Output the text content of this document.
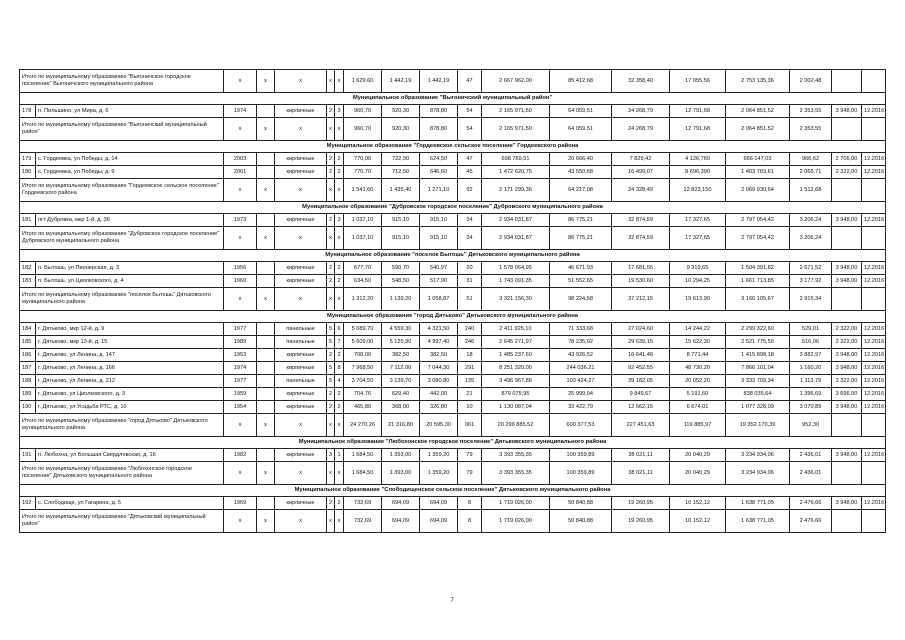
Итого по муниципальному образованию "Выгоничское городское поселение" Выгоничского муниципального района		x	x	x	x	x	1 629,60	1 442,19	1 442,19	47	2 667 962,00	85 412,68	32 358,40	17 055,56	2 753 135,36	2 002,48		
Муниципальное образование "Выгоничский муниципальный район"																		
178	п. Пильшино, ул Мира, д. 6	1974		кирпичные	2	3	960,70	920,30	878,80	54	2 165 971,50	64 059,51	24 268,79	12 791,68	2 064 851,52	2 353,55	3 948,00	12.2016
Итого по муниципальному образованию "Выгоничский муниципальный район"		x	x	x	x	x	960,70	920,30	878,80	54	2 165 971,50	64 059,51	24 268,79	12 791,68	2 064 851,52	2 353,55		
Муниципальное образование "Гордеевское сельское поселение" Гордеевского района																		
179	с. Гордеевка, ул Победы, д. 14	2003		кирпичные	2	2	770,90	722,90	624,50	47	698 769,51	20 666,40	7 829,42	4 126,760	666 147,03	966,62	2 706,00	12.2016
180	с. Гордеевка, ул Победы, д. 9	2001		кирпичные	2	2	770,70	712,50	646,60	45	1 472 620,75	43 550,68	16 499,07	8 696,390	1 403 783,61	2 066,71	2 322,00	12.2016
Итого по муниципальному образованию "Гордеевское сельское поселение" Гордеевского района		x	x	x	x	x	1 541,60	1 435,40	1 271,10	92	2 171 299,36	64 217,08	24 328,49	12 823,150	2 069 930,64	1 512,68		
Муниципальное образование "Дубровское городское поселение" Дубровского муниципального района																		
181	пгт Дубровка, мкр 1-й, д. 36	1973		кирпичные	2	3	1 037,10	915,10	915,10	34	2 934 031,87	86 775,21	32 874,59	17 327,65	2 797 054,42	3 206,24	3 948,00	12.2016
Итого по муниципальному образованию "Дубровское городское поселение" Дубровского муниципального района		x	x	x	x	x	1 037,10	915,10	915,10	34	2 934 031,87	86 775,21	32 874,59	17 327,65	2 797 054,42	3 206,24		
Муниципальное образование "поселок Бытошь" Дятьковского муниципального района																		
182	п. Бытошь, ул Пионерская, д. 3	1956		кирпичные	2	2	677,70	590,70	540,97	20	1 578 064,95	46 671,93	17 681,55	9 319,65	1 504 391,82	2 671,52	3 948,00	12.2016
183	п. Бытошь, ул Циолковского, д. 4	1960		кирпичные	2	2	634,50	548,50	517,90	31	1 743 091,35	51 552,65	19 530,60	10 294,25	1 661 713,85	3 177,92	3 948,00	12.2016
Итого по муниципальному образованию "поселок Бытошь" Дятьковского муниципального района		x	x	x	x	x	1 312,20	1 139,20	1 058,87	51	3 321 156,30	98 224,58	37 212,15	19 613,90	3 166 105,67	2 915,34		
Муниципальное образование "город Дятьково" Дятьковского муниципального района																		
184	г. Дятьково, мкр 12-й, д. 9	1977		панельные	5	6	5 089,70	4 559,30	4 321,50	240	2 411 925,10	71 333,68	27 024,60	14 244,22	2 299 322,60	529,01	2 322,00	12.2016
185	г. Дятьково, мкр 13-й, д. 15	1989		панельные	5	7	5 609,00	5 125,90	4 997,40	246	2 645 271,97	78 235,02	29 639,15	15 622,30	2 521 775,50	516,06	2 322,00	12.2016
186	г. Дятьково, ул Ленина, д. 147	1953		кирпичные	2	2	708,00	382,50	382,50	18	1 485 237,60	43 926,52	16 641,46	8 771,44	1 415 898,18	3 882,97	3 948,00	12.2016
187	г. Дятьково, ул Ленина, д. 166	1974		кирпичные	5	8	7 968,50	7 112,00	7 044,30	291	8 251 320,00	244 036,21	92 452,55	48 730,20	7 866 101,04	1 160,20	3 948,00	12.2016
188	г. Дятьково, ул Ленина, д. 212	1977		панельные	5	4	3 704,50	3 139,70	3 080,80	135	3 496 967,86	103 424,27	39 182,05	20 652,20	3 333 709,34	1 113,79	2 322,00	12.2016
189	г. Дятьково, ул Циолковского, д. 3	1959		кирпичные	2	2	704,76	629,40	442,00	21	879 075,95	25 999,04	9 849,67	5 191,60	838 035,64	1 396,69	3 696,00	12.2016
190	г. Дятьково, ул Усадьба РТС, д. 10	1954		кирпичные	2	2	465,80	368,00	326,80	10	1 130 087,04	33 422,79	12 662,15	6 674,01	1 077 328,09	3 070,89	3 948,00	12.2016
Итого по муниципальному образованию "город Дятьково" Дятьковского муниципального района		x	x	x	x	x	24 270,26	21 316,80	20 595,30	961	20 299 885,52	600 377,53	227 451,63	119 885,97	19 352 170,39	952,30		
Муниципальное образование "Любохонское городское поселение" Дятьковского муниципального района																		
191	п. Любохна, ул Большая Свердловская, д. 16	1982		кирпичные	3	1	1 684,50	1 393,00	1 359,20	79	3 393 355,35	100 359,89	38 021,11	20 040,29	3 234 934,06	2 436,01	3 948,00	12.2016
Итого по муниципальному образованию "Любохонское городское поселение" Дятьковского муниципального района		x	x	x	x	x	1 684,50	1 393,00	1 359,20	79	3 393 355,35	100 359,89	38 021,11	20 040,29	3 234 934,06	2 436,01		
Муниципальное образование "Слободищенское сельское поселение" Дятьковского муниципального района																		
192	с. Слободище, ул Гагарина, д. 5	1969		кирпичные	2	2	732,69	694,09	694,09	8	1 719 026,00	50 840,88	19 260,95	10 152,12	1 638 771,05	2 476,66	3 948,00	12.2016
Итого по муниципальному образованию "Дятьковский муниципальный район"		x	x	x	x	x	732,69	694,09	694,09	8	1 719 026,00	50 840,88	19 260,95	10 152,12	1 638 771,05	2 476,66		
7
